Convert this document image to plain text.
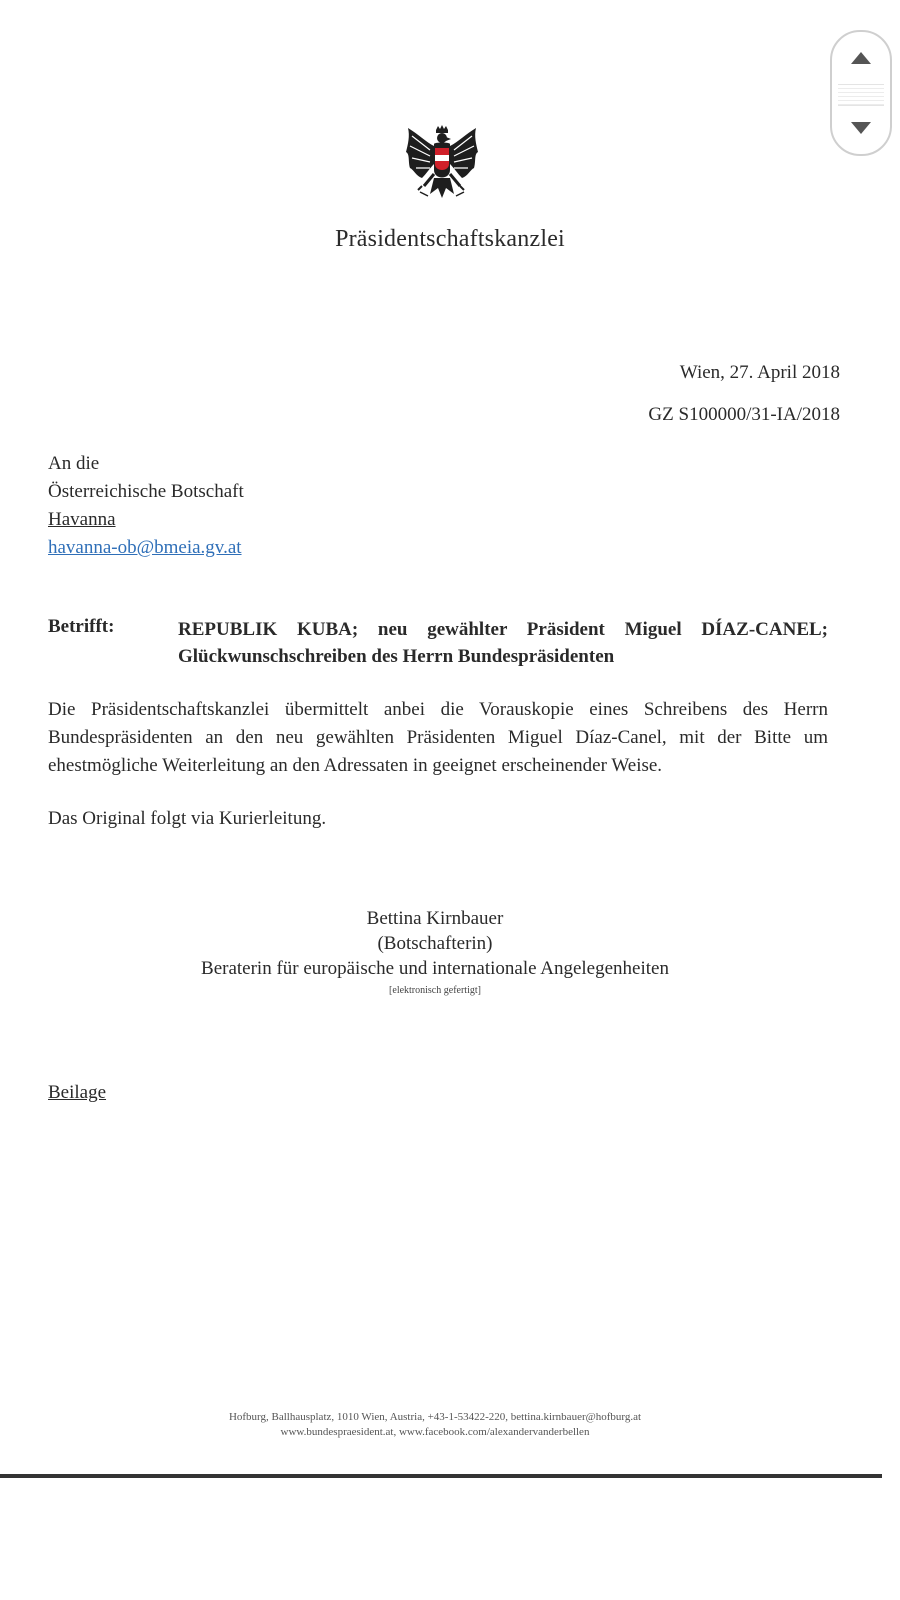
Präsidentschaftskanzlei
Wien, 27. April 2018
GZ S100000/31-IA/2018
An die
Österreichische Botschaft
Havanna
havanna-ob@bmeia.gv.at
Betrifft:	REPUBLIK KUBA; neu gewählter Präsident Miguel DÍAZ-CANEL; Glückwunschschreiben des Herrn Bundespräsidenten
Die Präsidentschaftskanzlei übermittelt anbei die Vorauskopie eines Schreibens des Herrn Bundespräsidenten an den neu gewählten Präsidenten Miguel Díaz-Canel, mit der Bitte um ehestmögliche Weiterleitung an den Adressaten in geeignet erscheinender Weise.
Das Original folgt via Kurierleitung.
Bettina Kirnbauer
(Botschafterin)
Beraterin für europäische und internationale Angelegenheiten
[elektronisch gefertigt]
Beilage
Hofburg, Ballhausplatz, 1010 Wien, Austria, +43-1-53422-220, bettina.kirnbauer@hofburg.at
www.bundespraesident.at, www.facebook.com/alexandervanderbellen
